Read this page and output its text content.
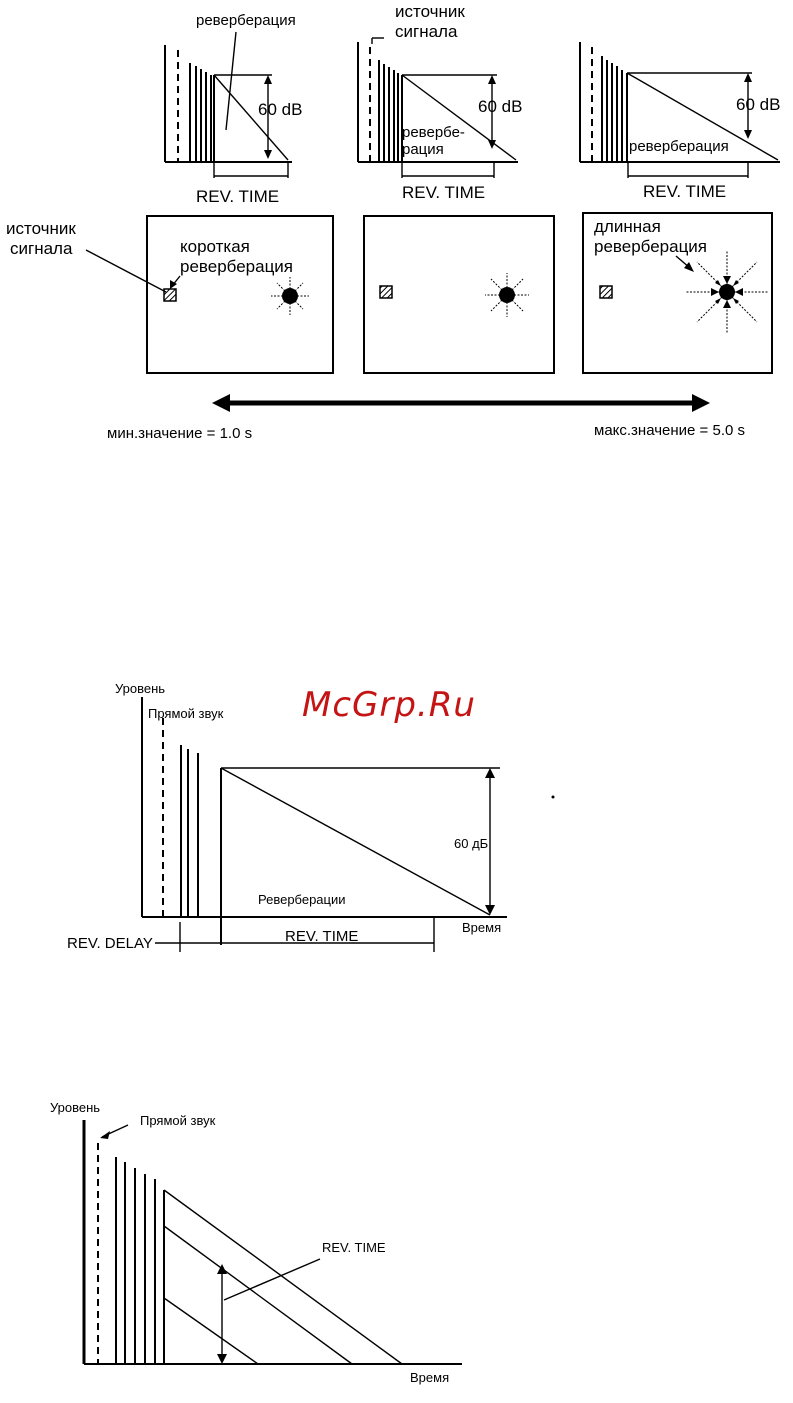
реверберация
60 dB
REV. TIME
источник
сигнала
60 dB
ревербе-
рация
REV. TIME
60 dB
реверберация
REV. TIME
источник
сигнала	короткая
реверберация
длинная
реверберация
мин.значение = 1.0 s	макс.значение = 5.0 s
McGrp.Ru
Уровень
Прямой звук
60 дБ
Реверберации
Время
REV. DELAY	REV. TIME
Уровень
Прямой звук
REV. TIME
Время
